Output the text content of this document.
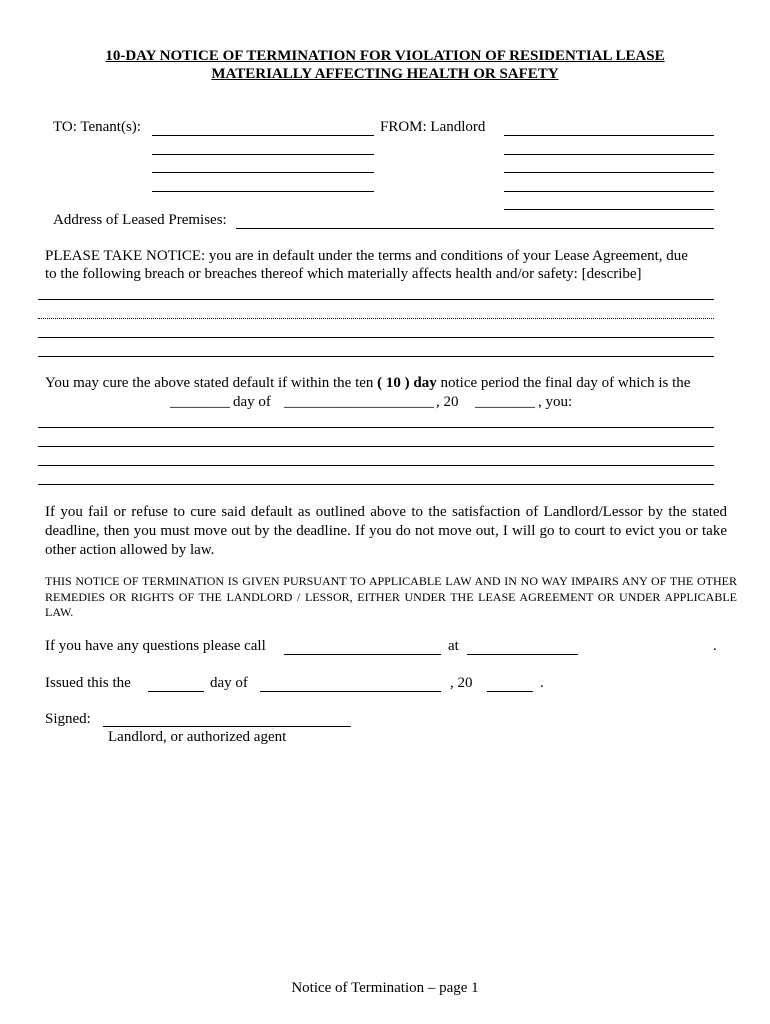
10-DAY NOTICE OF TERMINATION FOR VIOLATION OF RESIDENTIAL LEASE
MATERIALLY AFFECTING HEALTH OR SAFETY
TO: Tenant(s):	FROM: Landlord
Address of Leased Premises:
PLEASE TAKE NOTICE: you are in default under the terms and conditions of your Lease Agreement, due
to the following breach or breaches thereof which materially affects health and/or safety: [describe]
You may cure the above stated default if within the ten ( 10 ) day notice period the final day of which is the
________ day of ____________________ , 20 ________ , you:
If you fail or refuse to cure said default as outlined above to the satisfaction of Landlord/Lessor by the stated deadline, then you must move out by the deadline. If you do not move out, I will go to court to evict you or take other action allowed by law.
THIS NOTICE OF TERMINATION IS GIVEN PURSUANT TO APPLICABLE LAW AND IN NO WAY IMPAIRS ANY OF THE OTHER REMEDIES OR RIGHTS OF THE LANDLORD / LESSOR, EITHER UNDER THE LEASE AGREEMENT OR UNDER APPLICABLE LAW.
If you have any questions please call	at	.
Issued this the	day of	, 20	.
Signed:
Landlord, or authorized agent
Notice of Termination – page 1
